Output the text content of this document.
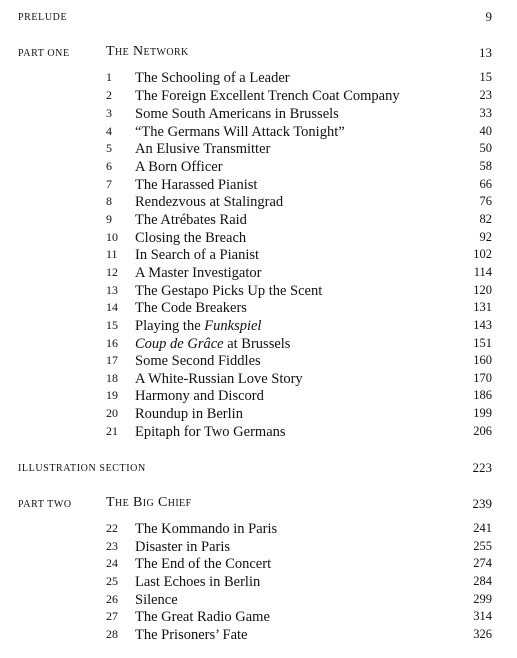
PRELUDE	9
PART ONE	The Network	13
1	The Schooling of a Leader	15
2	The Foreign Excellent Trench Coat Company	23
3	Some South Americans in Brussels	33
4	“The Germans Will Attack Tonight”	40
5	An Elusive Transmitter	50
6	A Born Officer	58
7	The Harassed Pianist	66
8	Rendezvous at Stalingrad	76
9	The Atrébates Raid	82
10	Closing the Breach	92
11	In Search of a Pianist	102
12	A Master Investigator	114
13	The Gestapo Picks Up the Scent	120
14	The Code Breakers	131
15	Playing the Funkspiel	143
16	Coup de Grâce at Brussels	151
17	Some Second Fiddles	160
18	A White-Russian Love Story	170
19	Harmony and Discord	186
20	Roundup in Berlin	199
21	Epitaph for Two Germans	206
ILLUSTRATION SECTION	223
PART TWO The Big Chief	239
22	The Kommando in Paris	241
23	Disaster in Paris	255
24	The End of the Concert	274
25	Last Echoes in Berlin	284
26	Silence	299
27	The Great Radio Game	314
28	The Prisoners’ Fate	326
